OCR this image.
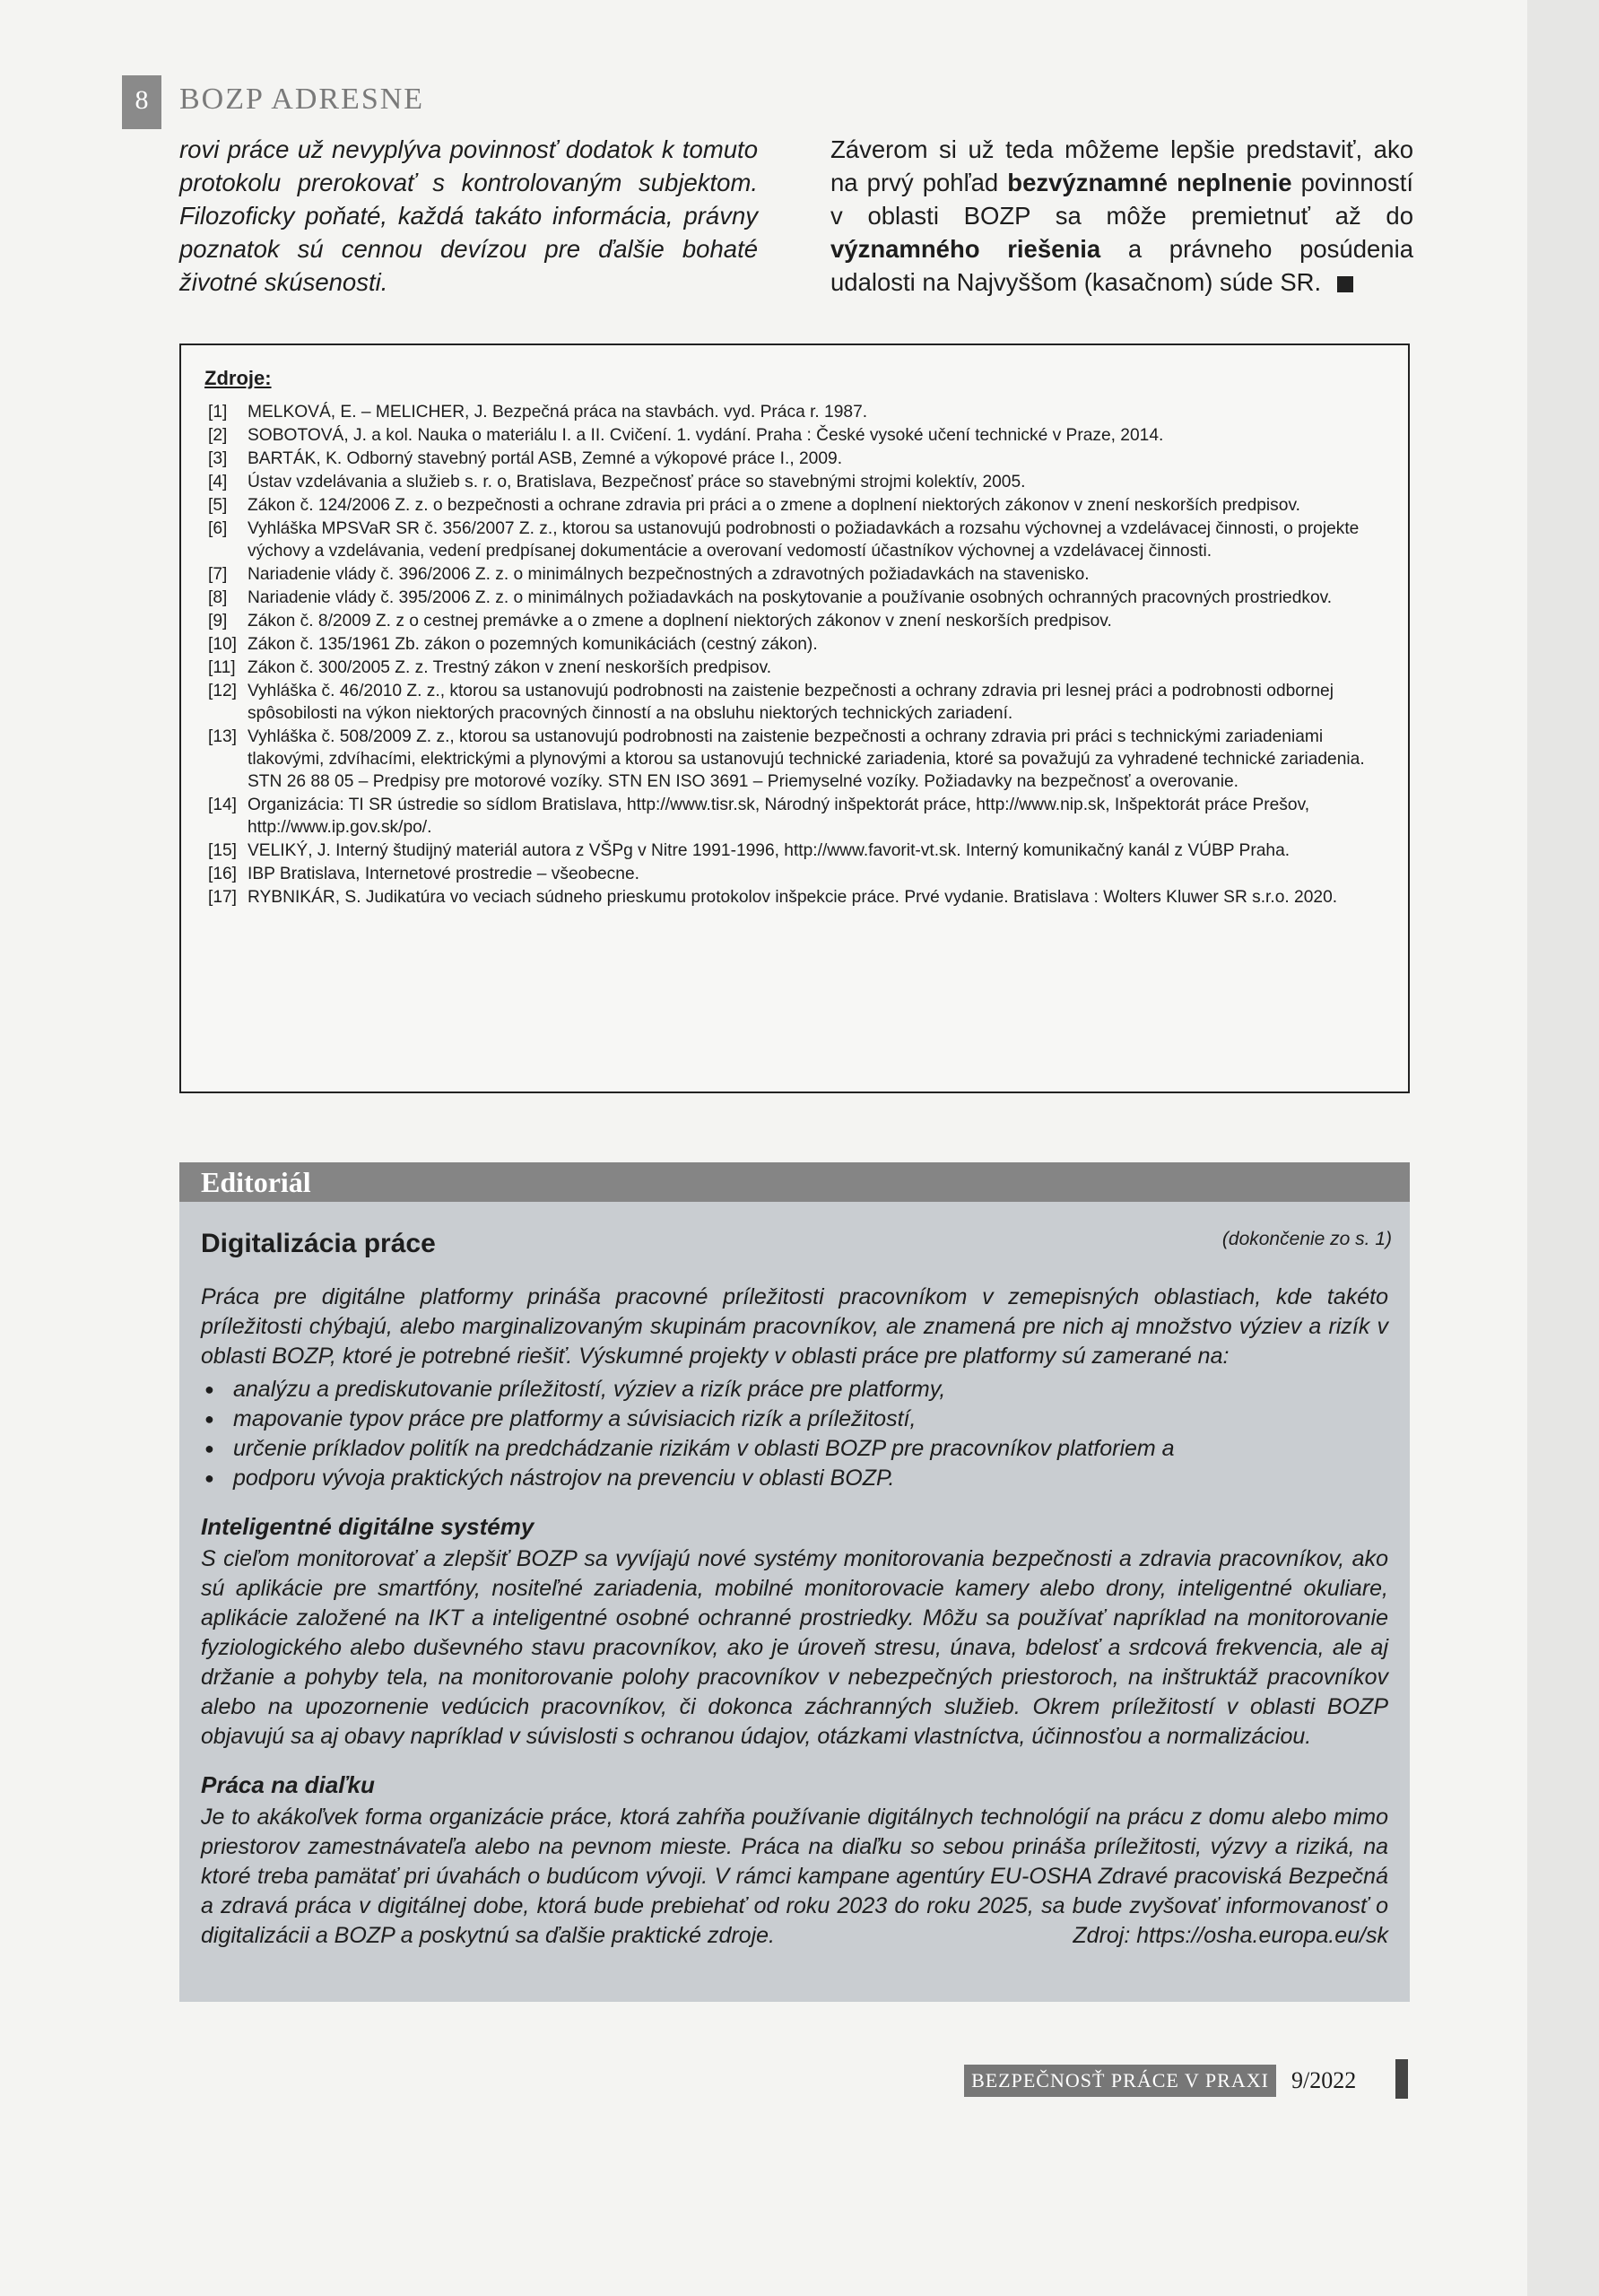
8	BOZP ADRESNE
rovi práce už nevyplýva povinnosť dodatok k tomuto protokolu prerokovať s kontrolovaným subjektom. Filozoficky poňaté, každá takáto informácia, právny poznatok sú cennou devízou pre ďalšie bohaté životné skúsenosti.
Záverom si už teda môžeme lepšie predstaviť, ako na prvý pohľad bezvýznamné neplnenie povinností v oblasti BOZP sa môže premietnuť až do významného riešenia a právneho posúdenia udalosti na Najvyššom (kasačnom) súde SR.
Zdroje:
[1]	MELKOVÁ, E. – MELICHER, J. Bezpečná práca na stavbách. vyd. Práca r. 1987.
[2]	SOBOTOVÁ, J. a kol. Nauka o materiálu I. a II. Cvičení. 1. vydání. Praha : České vysoké učení technické v Praze, 2014.
[3]	BARTÁK, K. Odborný stavebný portál ASB, Zemné a výkopové práce I., 2009.
[4]	Ústav vzdelávania a služieb s. r. o, Bratislava, Bezpečnosť práce so stavebnými strojmi kolektív, 2005.
[5]	Zákon č. 124/2006 Z. z. o bezpečnosti a ochrane zdravia pri práci a o zmene a doplnení niektorých zákonov v znení neskorších predpisov.
[6]	Vyhláška MPSVaR SR č. 356/2007 Z. z., ktorou sa ustanovujú podrobnosti o požiadavkách a rozsahu výchovnej a vzdelávacej činnosti, o projekte výchovy a vzdelávania, vedení predpísanej dokumentácie a overovaní vedomostí účastníkov výchovnej a vzdelávacej činnosti.
[7]	Nariadenie vlády č. 396/2006 Z. z. o minimálnych bezpečnostných a zdravotných požiadavkách na stavenisko.
[8]	Nariadenie vlády č. 395/2006 Z. z. o minimálnych požiadavkách na poskytovanie a používanie osobných ochranných pracovných prostriedkov.
[9]	Zákon č. 8/2009 Z. z o cestnej premávke a o zmene a doplnení niektorých zákonov v znení neskorších predpisov.
[10] Zákon č. 135/1961 Zb. zákon o pozemných komunikáciách (cestný zákon).
[11] Zákon č. 300/2005 Z. z. Trestný zákon v znení neskorších predpisov.
[12] Vyhláška č. 46/2010 Z. z., ktorou sa ustanovujú podrobnosti na zaistenie bezpečnosti a ochrany zdravia pri lesnej práci a podrobnosti odbornej spôsobilosti na výkon niektorých pracovných činností a na obsluhu niektorých technických zariadení.
[13] Vyhláška č. 508/2009 Z. z., ktorou sa ustanovujú podrobnosti na zaistenie bezpečnosti a ochrany zdravia pri práci s technickými zariadeniami tlakovými, zdvíhacími, elektrickými a plynovými a ktorou sa ustanovujú technické zariadenia, ktoré sa považujú za vyhradené technické zariadenia. STN 26 88 05 – Predpisy pre motorové vozíky. STN EN ISO 3691 – Priemyselné vozíky. Požiadavky na bezpečnosť a overovanie.
[14] Organizácia: TI SR ústredie so sídlom Bratislava, http://www.tisr.sk, Národný inšpektorát práce, http://www.nip.sk, Inšpektorát práce Prešov, http://www.ip.gov.sk/po/.
[15] VELIKÝ, J. Interný študijný materiál autora z VŠPg v Nitre 1991-1996, http://www.favorit-vt.sk. Interný komunikačný kanál z VÚBP Praha.
[16] IBP Bratislava, Internetové prostredie – všeobecne.
[17] RYBNIKÁR, S. Judikatúra vo veciach súdneho prieskumu protokolov inšpekcie práce. Prvé vydanie. Bratislava : Wolters Kluwer SR s.r.o. 2020.
Editoriál
(dokončenie zo s. 1)
Digitalizácia práce
Práca pre digitálne platformy prináša pracovné príležitosti pracovníkom v zemepisných oblastiach, kde takéto príležitosti chýbajú, alebo marginalizovaným skupinám pracovníkov, ale znamená pre nich aj množstvo výziev a rizík v oblasti BOZP, ktoré je potrebné riešiť. Výskumné projekty v oblasti práce pre platformy sú zamerané na:
● analýzu a prediskutovanie príležitostí, výziev a rizík práce pre platformy,
● mapovanie typov práce pre platformy a súvisiacich rizík a príležitostí,
● určenie príkladov politík na predchádzanie rizikám v oblasti BOZP pre pracovníkov platforiem a
● podporu vývoja praktických nástrojov na prevenciu v oblasti BOZP.
Inteligentné digitálne systémy
S cieľom monitorovať a zlepšiť BOZP sa vyvíjajú nové systémy monitorovania bezpečnosti a zdravia pracovníkov, ako sú aplikácie pre smartfóny, nositeľné zariadenia, mobilné monitorovacie kamery alebo drony, inteligentné okuliare, aplikácie založené na IKT a inteligentné osobné ochranné prostriedky. Môžu sa používať napríklad na monitorovanie fyziologického alebo duševného stavu pracovníkov, ako je úroveň stresu, únava, bdelosť a srdcová frekvencia, ale aj držanie a pohyby tela, na monitorovanie polohy pracovníkov v nebezpečných priestoroch, na inštruktáž pracovníkov alebo na upozornenie vedúcich pracovníkov, či dokonca záchranných služieb. Okrem príležitostí v oblasti BOZP objavujú sa aj obavy napríklad v súvislosti s ochranou údajov, otázkami vlastníctva, účinnosťou a normalizáciou.
Práca na diaľku
Je to akákoľvek forma organizácie práce, ktorá zahŕňa používanie digitálnych technológií na prácu z domu alebo mimo priestorov zamestnávateľa alebo na pevnom mieste. Práca na diaľku so sebou prináša príležitosti, výzvy a riziká, na ktoré treba pamätať pri úvahách o budúcom vývoji. V rámci kampane agentúry EU-OSHA Zdravé pracoviská Bezpečná a zdravá práca v digitálnej dobe, ktorá bude prebiehať od roku 2023 do roku 2025, sa bude zvyšovať informovanosť o digitalizácii a BOZP a poskytnú sa ďalšie praktické zdroje.	Zdroj: https://osha.europa.eu/sk
BEZPEČNOSŤ PRÁCE V PRAXI 9/2022
